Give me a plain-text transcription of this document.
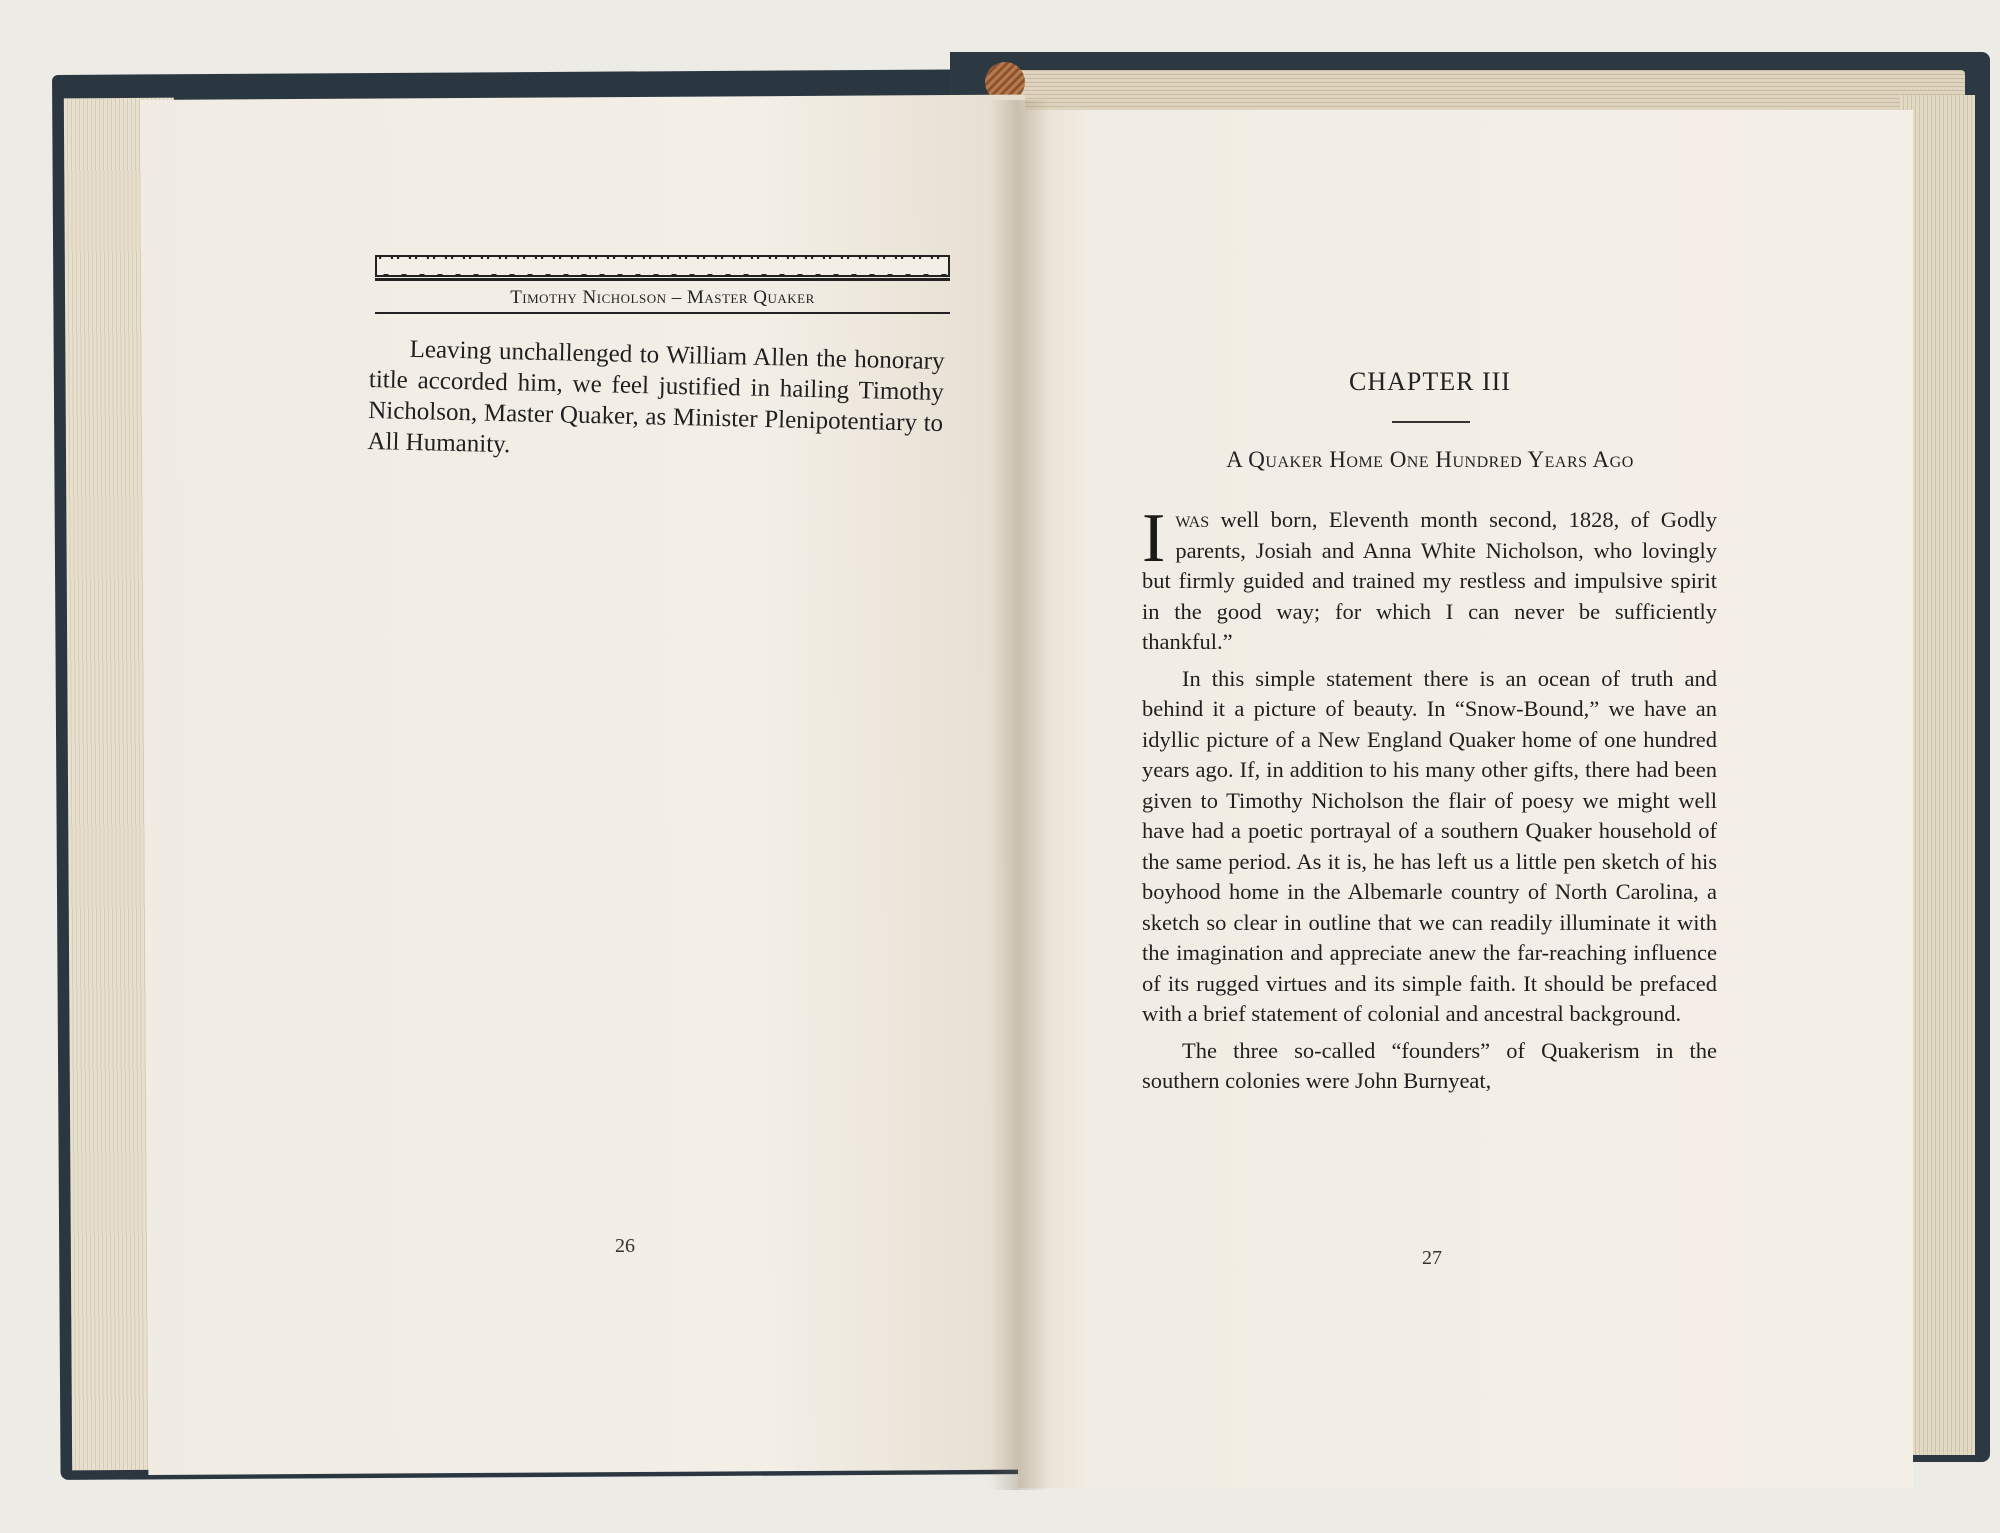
Timothy Nicholson – Master Quaker

Leaving unchallenged to William Allen the honorary title accorded him, we feel justified in hailing Timothy Nicholson, Master Quaker, as Minister Plenipotentiary to All Humanity.

26
CHAPTER III
A Quaker Home One Hundred Years Ago

Iwas well born, Eleventh month second, 1828, of Godly parents, Josiah and Anna White Nicholson, who lovingly but firmly guided and trained my restless and impulsive spirit in the good way; for which I can never be sufficiently thankful.”

In this simple statement there is an ocean of truth and behind it a picture of beauty. In “Snow-Bound,” we have an idyllic picture of a New England Quaker home of one hundred years ago. If, in addition to his many other gifts, there had been given to Timothy Nicholson the flair of poesy we might well have had a poetic portrayal of a southern Quaker household of the same period. As it is, he has left us a little pen sketch of his boyhood home in the Albemarle country of North Carolina, a sketch so clear in outline that we can readily illuminate it with the imagination and appreciate anew the far-reaching influence of its rugged virtues and its simple faith. It should be prefaced with a brief statement of colonial and ancestral background.

The three so-called “founders” of Quakerism in the southern colonies were John Burnyeat,

27
